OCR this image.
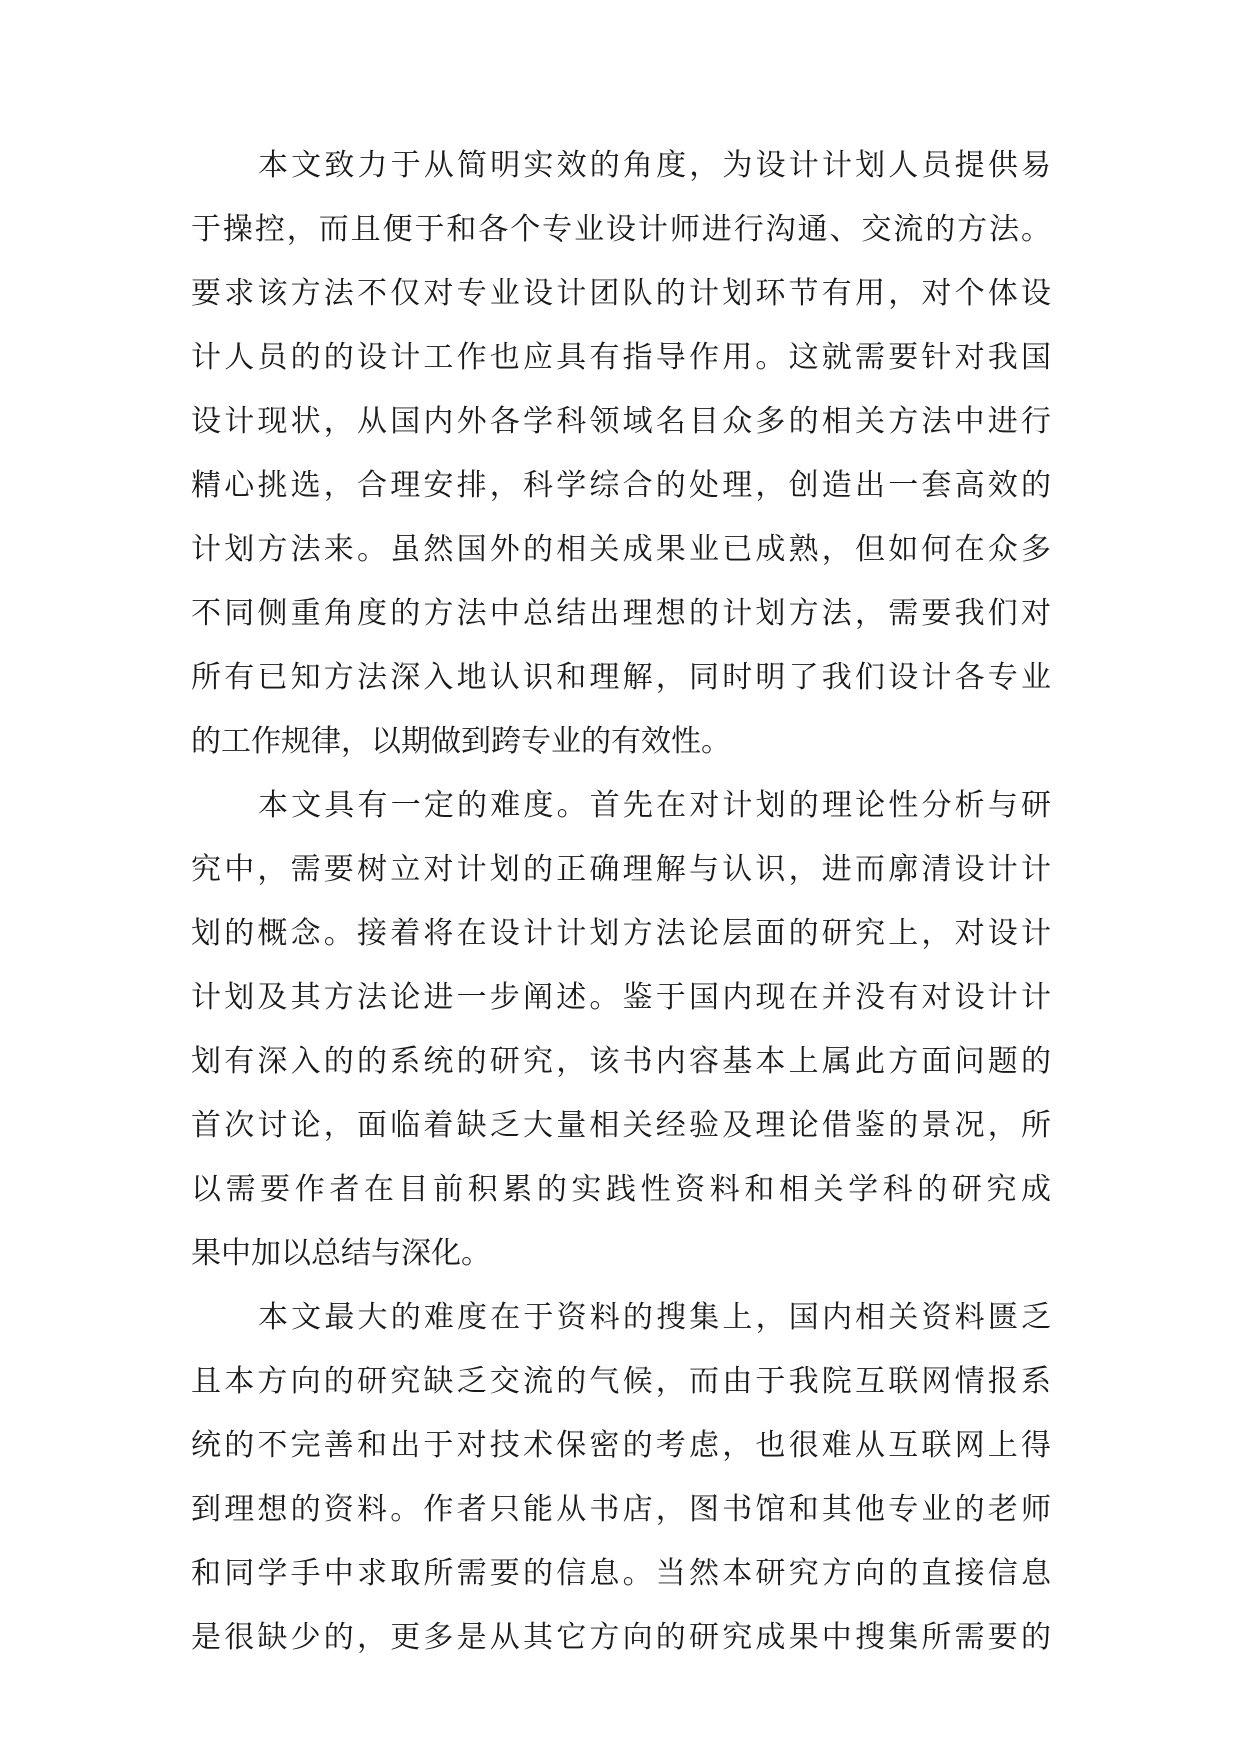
本文致力于从简明实效的角度，为设计计划人员提供易
于操控，而且便于和各个专业设计师进行沟通、交流的方法。
要求该方法不仅对专业设计团队的计划环节有用，对个体设
计人员的的设计工作也应具有指导作用。这就需要针对我国
设计现状，从国内外各学科领域名目众多的相关方法中进行
精心挑选，合理安排，科学综合的处理，创造出一套高效的
计划方法来。虽然国外的相关成果业已成熟，但如何在众多
不同侧重角度的方法中总结出理想的计划方法，需要我们对
所有已知方法深入地认识和理解，同时明了我们设计各专业
的工作规律，以期做到跨专业的有效性。
本文具有一定的难度。首先在对计划的理论性分析与研
究中，需要树立对计划的正确理解与认识，进而廓清设计计
划的概念。接着将在设计计划方法论层面的研究上，对设计
计划及其方法论进一步阐述。鉴于国内现在并没有对设计计
划有深入的的系统的研究，该书内容基本上属此方面问题的
首次讨论，面临着缺乏大量相关经验及理论借鉴的景况，所
以需要作者在目前积累的实践性资料和相关学科的研究成
果中加以总结与深化。
本文最大的难度在于资料的搜集上，国内相关资料匮乏
且本方向的研究缺乏交流的气候，而由于我院互联网情报系
统的不完善和出于对技术保密的考虑，也很难从互联网上得
到理想的资料。作者只能从书店，图书馆和其他专业的老师
和同学手中求取所需要的信息。当然本研究方向的直接信息
是很缺少的，更多是从其它方向的研究成果中搜集所需要的
